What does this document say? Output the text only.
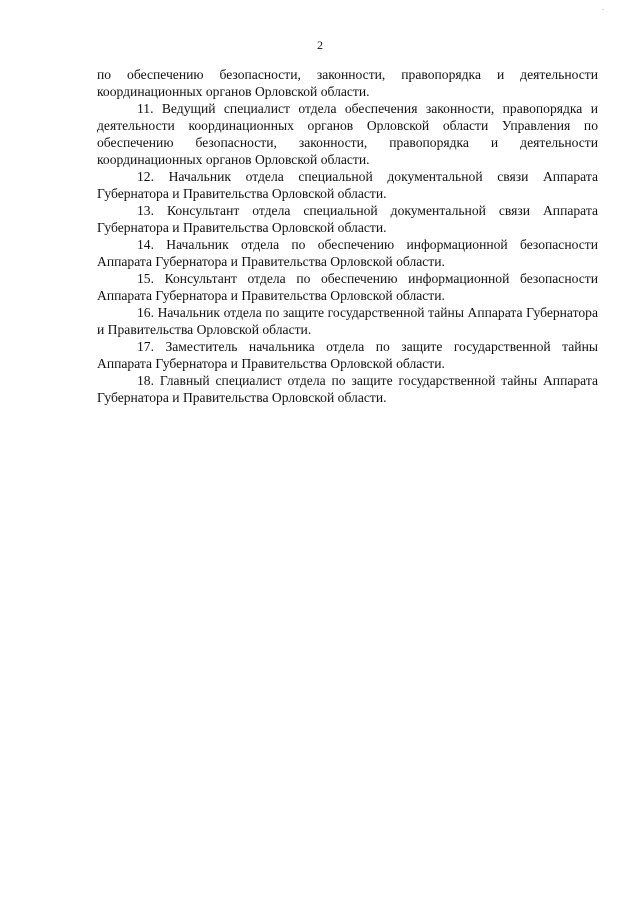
.
2

по обеспечению безопасности, законности, правопорядка и деятельности координационных органов Орловской области.

11. Ведущий специалист отдела обеспечения законности, правопорядка и деятельности координационных органов Орловской области Управления по обеспечению безопасности, законности, правопорядка и деятельности координационных органов Орловской области.

12. Начальник отдела специальной документальной связи Аппарата Губернатора и Правительства Орловской области.

13. Консультант отдела специальной документальной связи Аппарата Губернатора и Правительства Орловской области.

14. Начальник отдела по обеспечению информационной безопасности Аппарата Губернатора и Правительства Орловской области.

15. Консультант отдела по обеспечению информационной безопасности Аппарата Губернатора и Правительства Орловской области.

16. Начальник отдела по защите государственной тайны Аппарата Губернатора и Правительства Орловской области.

17. Заместитель начальника отдела по защите государственной тайны Аппарата Губернатора и Правительства Орловской области.

18. Главный специалист отдела по защите государственной тайны Аппарата Губернатора и Правительства Орловской области.
